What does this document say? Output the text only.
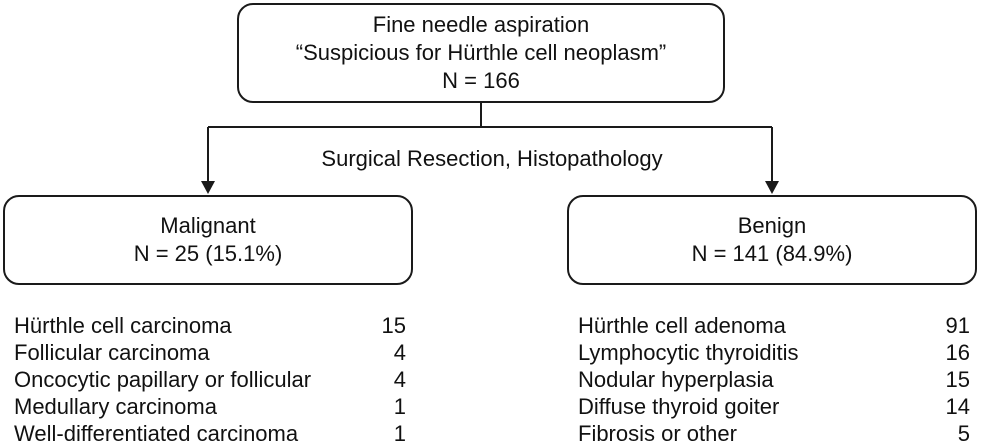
Fine needle aspiration
“Suspicious for Hürthle cell neoplasm”
N = 166
Surgical Resection, Histopathology
Malignant
N = 25 (15.1%)
Benign
N = 141 (84.9%)
Hürthle cell carcinoma	15
Follicular carcinoma	4
Oncocytic papillary or follicular	4
Medullary carcinoma	1
Well-differentiated carcinoma	1
Hürthle cell adenoma	91
Lymphocytic thyroiditis	16
Nodular hyperplasia	15
Diffuse thyroid goiter	14
Fibrosis or other	5
